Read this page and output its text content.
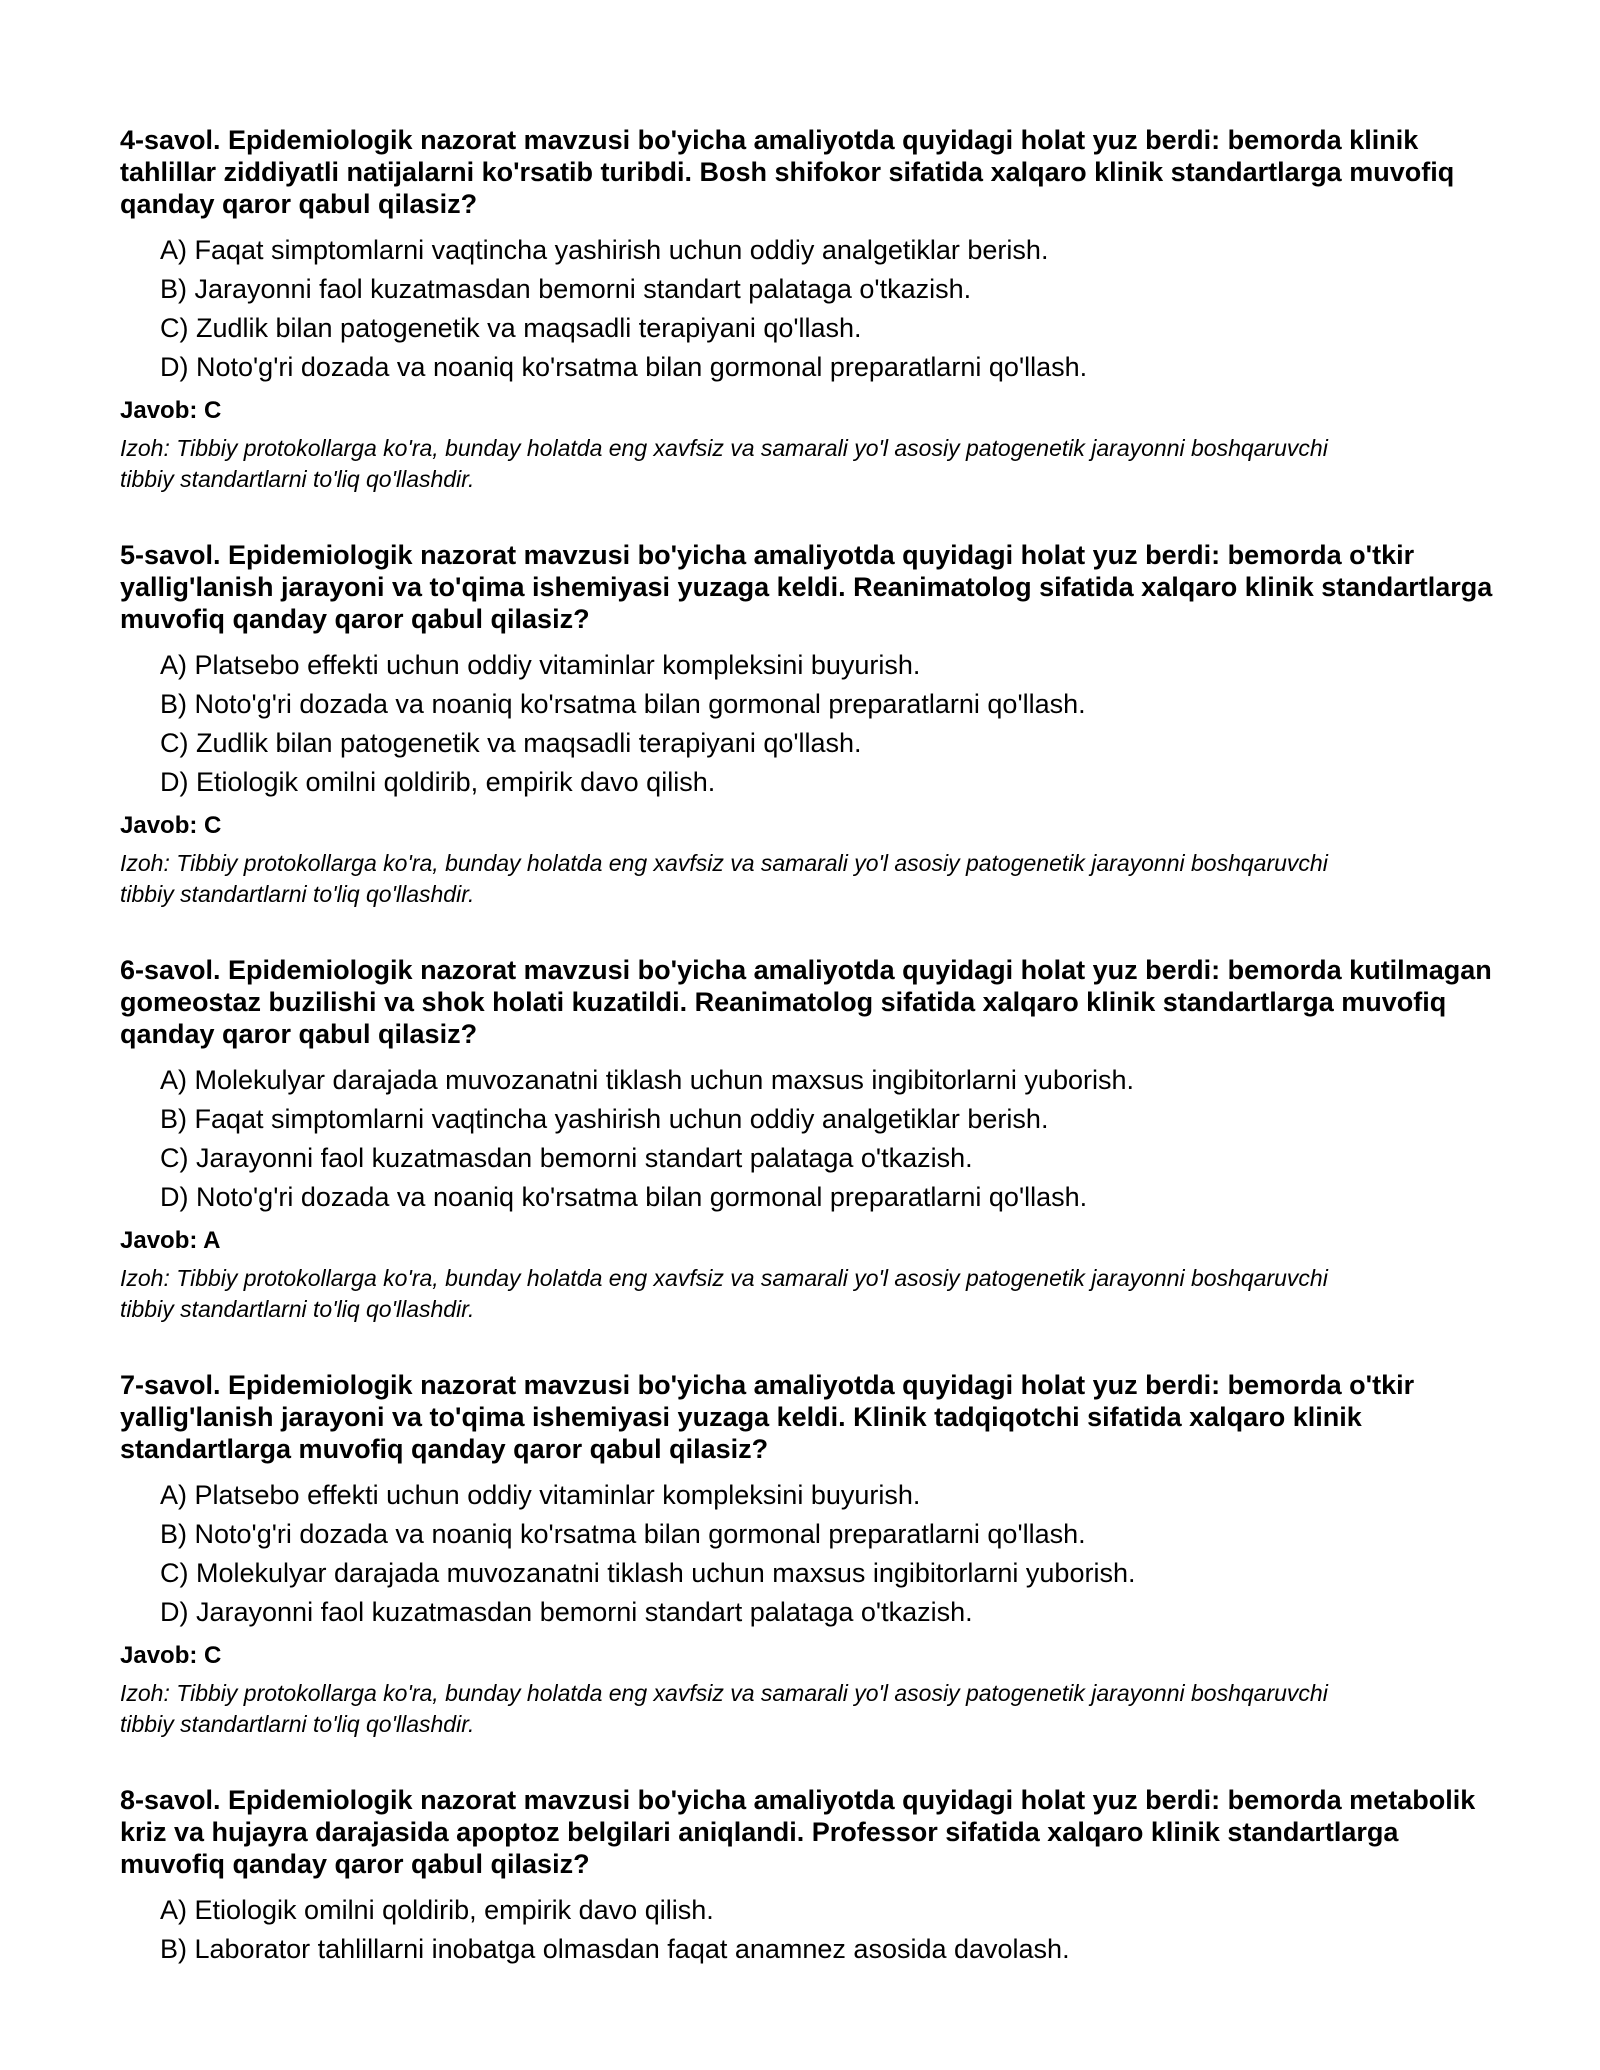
4-savol. Epidemiologik nazorat mavzusi bo'yicha amaliyotda quyidagi holat yuz berdi: bemorda klinik tahlillar ziddiyatli natijalarni ko'rsatib turibdi. Bosh shifokor sifatida xalqaro klinik standartlarga muvofiq qanday qaror qabul qilasiz?
A) Faqat simptomlarni vaqtincha yashirish uchun oddiy analgetiklar berish.
B) Jarayonni faol kuzatmasdan bemorni standart palataga o'tkazish.
C) Zudlik bilan patogenetik va maqsadli terapiyani qo'llash.
D) Noto'g'ri dozada va noaniq ko'rsatma bilan gormonal preparatlarni qo'llash.
Javob: C
Izoh: Tibbiy protokollarga ko'ra, bunday holatda eng xavfsiz va samarali yo'l asosiy patogenetik jarayonni boshqaruvchi tibbiy standartlarni to'liq qo'llashdir.
5-savol. Epidemiologik nazorat mavzusi bo'yicha amaliyotda quyidagi holat yuz berdi: bemorda o'tkir yallig'lanish jarayoni va to'qima ishemiyasi yuzaga keldi. Reanimatolog sifatida xalqaro klinik standartlarga muvofiq qanday qaror qabul qilasiz?
A) Platsebo effekti uchun oddiy vitaminlar kompleksini buyurish.
B) Noto'g'ri dozada va noaniq ko'rsatma bilan gormonal preparatlarni qo'llash.
C) Zudlik bilan patogenetik va maqsadli terapiyani qo'llash.
D) Etiologik omilni qoldirib, empirik davo qilish.
Javob: C
Izoh: Tibbiy protokollarga ko'ra, bunday holatda eng xavfsiz va samarali yo'l asosiy patogenetik jarayonni boshqaruvchi tibbiy standartlarni to'liq qo'llashdir.
6-savol. Epidemiologik nazorat mavzusi bo'yicha amaliyotda quyidagi holat yuz berdi: bemorda kutilmagan gomeostaz buzilishi va shok holati kuzatildi. Reanimatolog sifatida xalqaro klinik standartlarga muvofiq qanday qaror qabul qilasiz?
A) Molekulyar darajada muvozanatni tiklash uchun maxsus ingibitorlarni yuborish.
B) Faqat simptomlarni vaqtincha yashirish uchun oddiy analgetiklar berish.
C) Jarayonni faol kuzatmasdan bemorni standart palataga o'tkazish.
D) Noto'g'ri dozada va noaniq ko'rsatma bilan gormonal preparatlarni qo'llash.
Javob: A
Izoh: Tibbiy protokollarga ko'ra, bunday holatda eng xavfsiz va samarali yo'l asosiy patogenetik jarayonni boshqaruvchi tibbiy standartlarni to'liq qo'llashdir.
7-savol. Epidemiologik nazorat mavzusi bo'yicha amaliyotda quyidagi holat yuz berdi: bemorda o'tkir yallig'lanish jarayoni va to'qima ishemiyasi yuzaga keldi. Klinik tadqiqotchi sifatida xalqaro klinik standartlarga muvofiq qanday qaror qabul qilasiz?
A) Platsebo effekti uchun oddiy vitaminlar kompleksini buyurish.
B) Noto'g'ri dozada va noaniq ko'rsatma bilan gormonal preparatlarni qo'llash.
C) Molekulyar darajada muvozanatni tiklash uchun maxsus ingibitorlarni yuborish.
D) Jarayonni faol kuzatmasdan bemorni standart palataga o'tkazish.
Javob: C
Izoh: Tibbiy protokollarga ko'ra, bunday holatda eng xavfsiz va samarali yo'l asosiy patogenetik jarayonni boshqaruvchi tibbiy standartlarni to'liq qo'llashdir.
8-savol. Epidemiologik nazorat mavzusi bo'yicha amaliyotda quyidagi holat yuz berdi: bemorda metabolik kriz va hujayra darajasida apoptoz belgilari aniqlandi. Professor sifatida xalqaro klinik standartlarga muvofiq qanday qaror qabul qilasiz?
A) Etiologik omilni qoldirib, empirik davo qilish.
B) Laborator tahlillarni inobatga olmasdan faqat anamnez asosida davolash.
